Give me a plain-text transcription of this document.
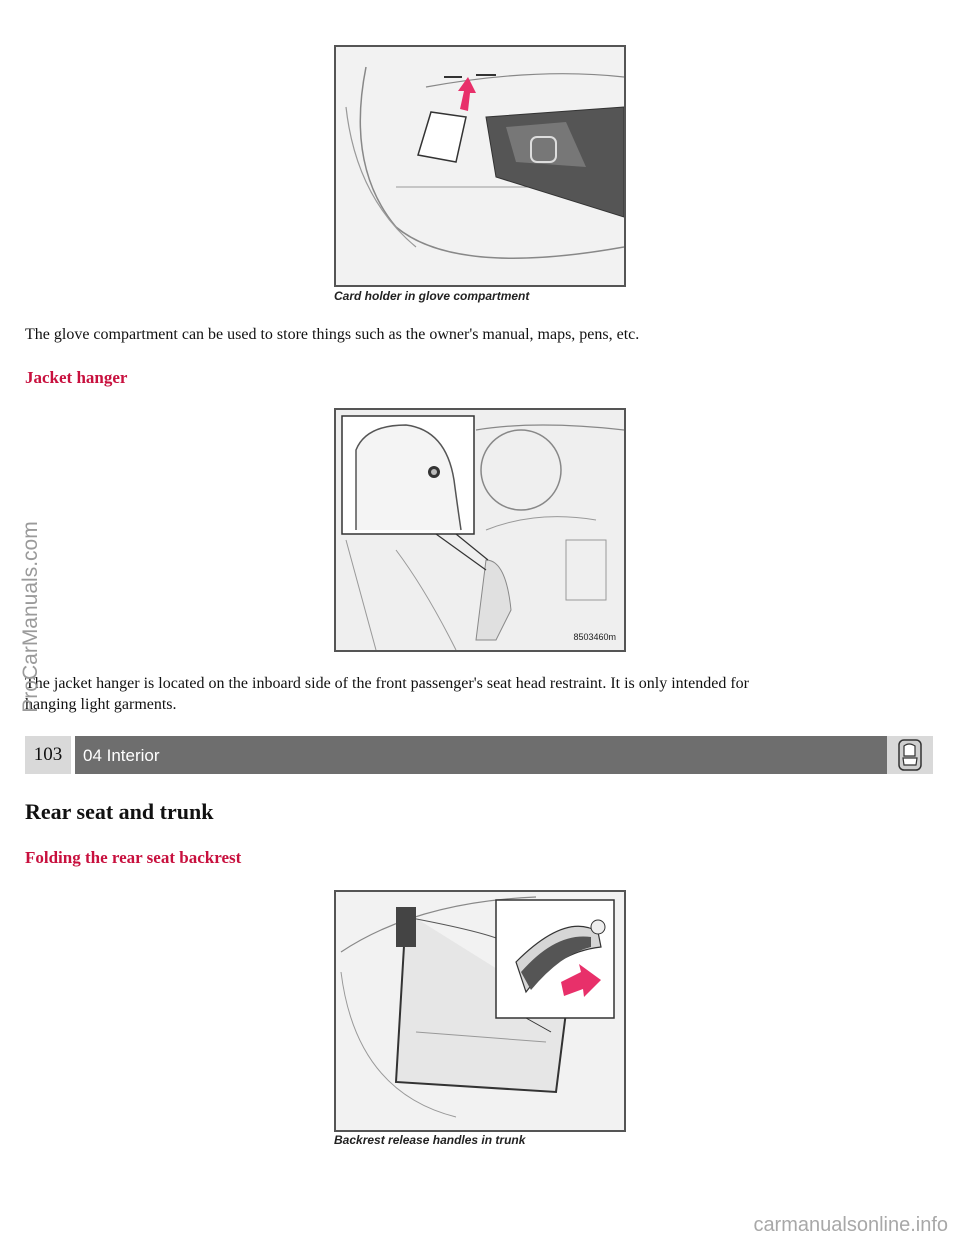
Card holder in glove compartment
The glove compartment can be used to store things such as the owner's manual, maps, pens, etc.
Jacket hanger
8503460m
The jacket hanger is located on the inboard side of the front passenger's seat head restraint. It is only intended for
hanging light garments.
103	04 Interior
Rear seat and trunk
Folding the rear seat backrest
Backrest release handles in trunk
ProCarManuals.com
carmanualsonline.info
